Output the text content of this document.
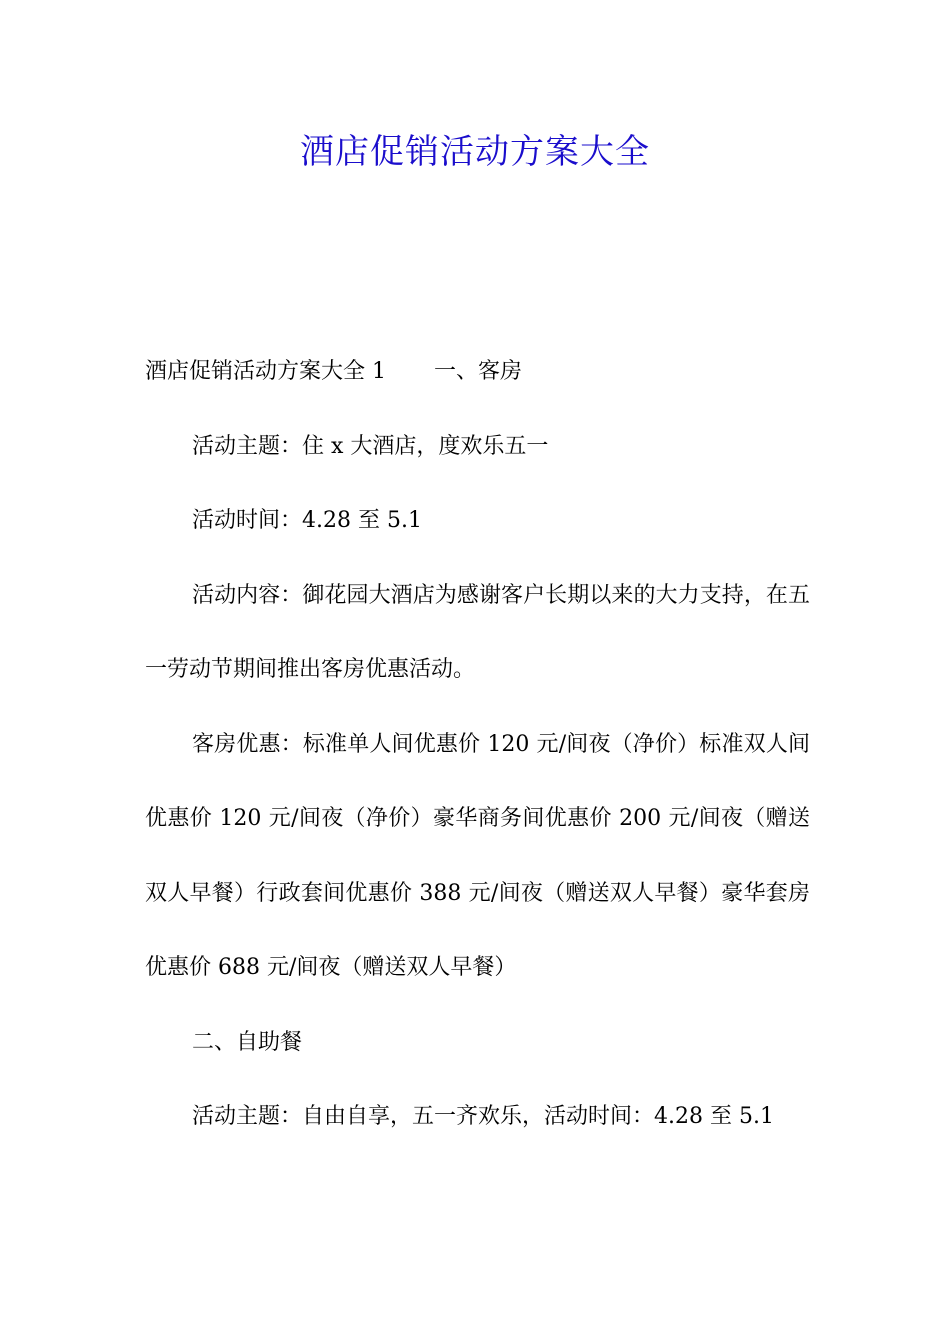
酒店促销活动方案大全

酒店促销活动方案大全 1 一、客房

活动主题：住 x 大酒店，度欢乐五一

活动时间：4.28 至 5.1

活动内容：御花园大酒店为感谢客户长期以来的大力支持，在五一劳动节期间推出客房优惠活动。

客房优惠：标准单人间优惠价 120 元/间夜（净价）标准双人间优惠价 120 元/间夜（净价）豪华商务间优惠价 200 元/间夜（赠送双人早餐）行政套间优惠价 388 元/间夜（赠送双人早餐）豪华套房优惠价 688 元/间夜（赠送双人早餐）

二、自助餐

活动主题：自由自享，五一齐欢乐，活动时间：4.28 至 5.1
